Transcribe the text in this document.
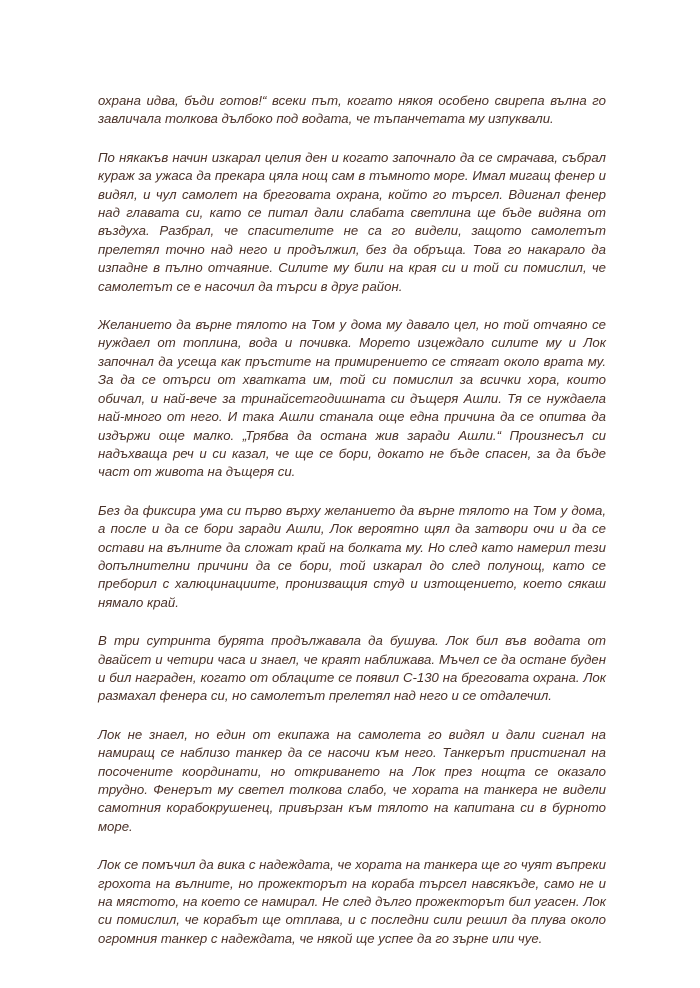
охрана идва, бъди готов!“ всеки път, когато някоя особено свирепа вълна го завличала толкова дълбоко под водата, че тъпанчетата му изпуквали.

По някакъв начин изкарал целия ден и когато започнало да се смрачава, събрал кураж за ужаса да прекара цяла нощ сам в тъмното море. Имал мигащ фенер и видял, и чул самолет на бреговата охрана, който го търсел. Вдигнал фенер над главата си, като се питал дали слабата светлина ще бъде видяна от въздуха. Разбрал, че спасителите не са го видели, защото самолетът прелетял точно над него и продължил, без да обръща. Това го накарало да изпадне в пълно отчаяние. Силите му били на края си и той си помислил, че самолетът се е насочил да търси в друг район.

Желанието да върне тялото на Том у дома му давало цел, но той отчаяно се нуждаел от топлина, вода и почивка. Морето изцеждало силите му и Лок започнал да усеща как пръстите на примирението се стягат около врата му. За да се отърси от хватката им, той си помислил за всички хора, които обичал, и най-вече за тринайсетгодишната си дъщеря Ашли. Тя се нуждаела най-много от него. И така Ашли станала още една причина да се опитва да издържи още малко. „Трябва да остана жив заради Ашли.“ Произнесъл си надъхваща реч и си казал, че ще се бори, докато не бъде спасен, за да бъде част от живота на дъщеря си.

Без да фиксира ума си първо върху желанието да върне тялото на Том у дома, а после и да се бори заради Ашли, Лок вероятно щял да затвори очи и да се остави на вълните да сложат край на болката му. Но след като намерил тези допълнителни причини да се бори, той изкарал до след полунощ, като се преборил с халюцинациите, пронизващия студ и изтощението, което сякаш нямало край.

В три сутринта бурята продължавала да бушува. Лок бил във водата от двайсет и четири часа и знаел, че краят наближава. Мъчел се да остане буден и бил награден, когато от облаците се появил C-130 на бреговата охрана. Лок размахал фенера си, но самолетът прелетял над него и се отдалечил.

Лок не знаел, но един от екипажа на самолета го видял и дали сигнал на намиращ се наблизо танкер да се насочи към него. Танкерът пристигнал на посочените координати, но откриването на Лок през нощта се оказало трудно. Фенерът му светел толкова слабо, че хората на танкера не видели самотния корабокрушенец, привързан към тялото на капитана си в бурното море.

Лок се помъчил да вика с надеждата, че хората на танкера ще го чуят въпреки грохота на вълните, но прожекторът на кораба търсел навсякъде, само не и на мястото, на което се намирал. Не след дълго прожекторът бил угасен. Лок си помислил, че корабът ще отплава, и с последни сили решил да плува около огромния танкер с надеждата, че някой ще успее да го зърне или чуе.
